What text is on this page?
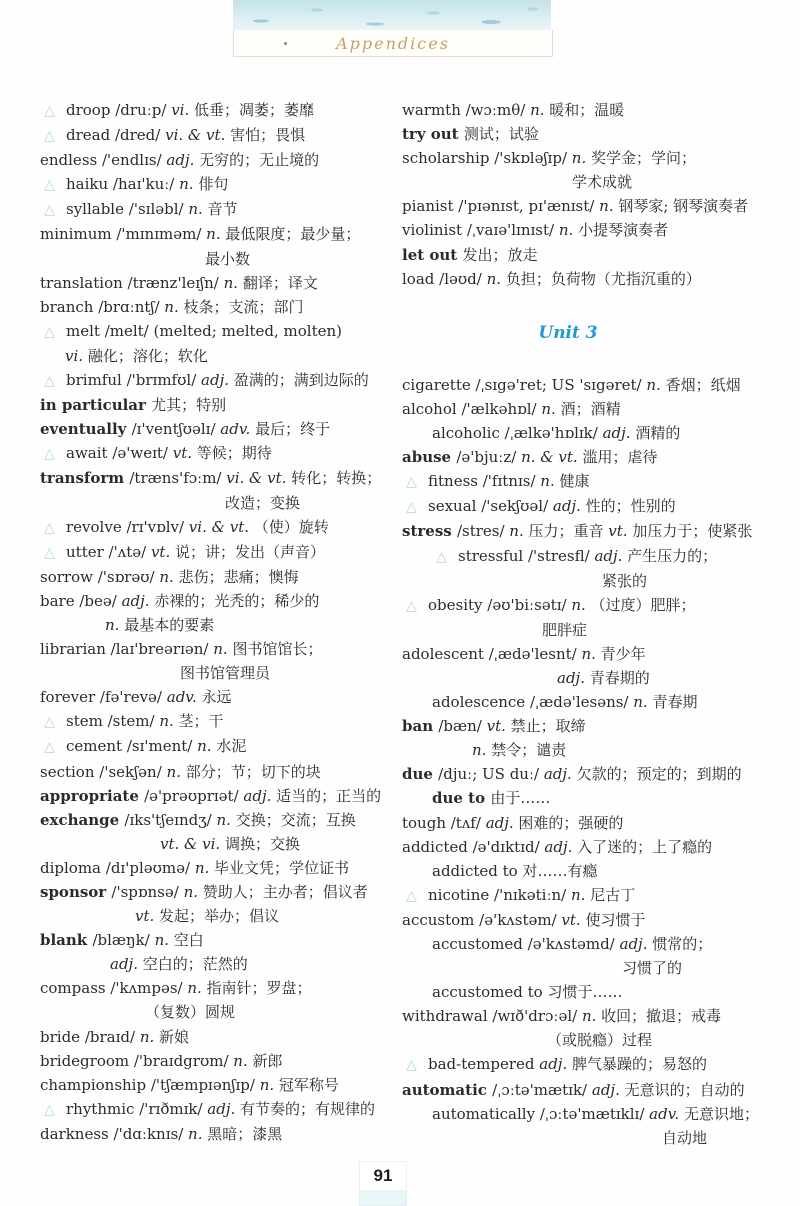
Appendices
△ droop /druːp/ vi. 低垂；凋萎；萎靡
△ dread /dred/ vi. & vt. 害怕；畏惧
endless /'endlɪs/ adj. 无穷的；无止境的
△ haiku /haɪ'kuː/ n. 俳句
△ syllable /'sɪləbl/ n. 音节
minimum /'mɪnɪməm/ n. 最低限度；最少量；
最小数
translation /trænz'leɪʃn/ n. 翻译；译文
branch /brɑːntʃ/ n. 枝条；支流；部门
△ melt /melt/ (melted; melted, molten)
vi. 融化；溶化；软化
△ brimful /'brɪmfʊl/ adj. 盈满的；满到边际的
in particular 尤其；特别
eventually /ɪ'ventʃʊəlɪ/ adv. 最后；终于
△ await /ə'weɪt/ vt. 等候；期待
transform /træns'fɔːm/ vi. & vt. 转化；转换；
改造；变换
△ revolve /rɪ'vɒlv/ vi. & vt. （使）旋转
△ utter /'ʌtə/ vt. 说；讲；发出（声音）
sorrow /'sɒrəʊ/ n. 悲伤；悲痛；懊悔
bare /beə/ adj. 赤裸的；光秃的；稀少的
n. 最基本的要素
librarian /laɪ'breərɪən/ n. 图书馆馆长；
图书馆管理员
forever /fə'revə/ adv. 永远
△ stem /stem/ n. 茎；干
△ cement /sɪ'ment/ n. 水泥
section /'sekʃən/ n. 部分；节；切下的块
appropriate /ə'prəʊprɪət/ adj. 适当的；正当的
exchange /ɪks'tʃeɪndʒ/ n. 交换；交流；互换
vt. & vi. 调换；交换
diploma /dɪ'pləʊmə/ n. 毕业文凭；学位证书
sponsor /'spɒnsə/ n. 赞助人；主办者；倡议者
vt. 发起；举办；倡议
blank /blæŋk/ n. 空白
adj. 空白的；茫然的
compass /'kʌmpəs/ n. 指南针；罗盘；
（复数）圆规
bride /braɪd/ n. 新娘
bridegroom /'braɪdgrʊm/ n. 新郎
championship /'tʃæmpɪənʃɪp/ n. 冠军称号
△ rhythmic /'rɪðmɪk/ adj. 有节奏的；有规律的
darkness /'dɑːknɪs/ n. 黑暗；漆黑
warmth /wɔːmθ/ n. 暖和；温暖
try out 测试；试验
scholarship /'skɒləʃɪp/ n. 奖学金；学问；
学术成就
pianist /'pɪənɪst, pɪ'ænɪst/ n. 钢琴家; 钢琴演奏者
violinist /ˌvaɪə'lɪnɪst/ n. 小提琴演奏者
let out 发出；放走
load /ləʊd/ n. 负担；负荷物（尤指沉重的）
Unit 3
cigarette /ˌsɪgə'ret; US 'sɪgəret/ n. 香烟；纸烟
alcohol /'ælkəhɒl/ n. 酒；酒精
alcoholic /ˌælkə'hɒlɪk/ adj. 酒精的
abuse /ə'bjuːz/ n. & vt. 滥用；虐待
△ fitness /'fɪtnɪs/ n. 健康
△ sexual /'sekʃʊəl/ adj. 性的；性别的
stress /stres/ n. 压力；重音 vt. 加压力于；使紧张
△ stressful /'stresfl/ adj. 产生压力的；
紧张的
△ obesity /əʊ'biːsətɪ/ n. （过度）肥胖；
肥胖症
adolescent /ˌædə'lesnt/ n. 青少年
adj. 青春期的
adolescence /ˌædə'lesəns/ n. 青春期
ban /bæn/ vt. 禁止；取缔
n. 禁令；谴责
due /djuː; US duː/ adj. 欠款的；预定的；到期的
due to 由于……
tough /tʌf/ adj. 困难的；强硬的
addicted /ə'dɪktɪd/ adj. 入了迷的；上了瘾的
addicted to 对……有瘾
△ nicotine /'nɪkətiːn/ n. 尼古丁
accustom /ə'kʌstəm/ vt. 使习惯于
accustomed /ə'kʌstəmd/ adj. 惯常的；
习惯了的
accustomed to 习惯于……
withdrawal /wɪð'drɔːəl/ n. 收回；撤退；戒毒
（或脱瘾）过程
△ bad-tempered adj. 脾气暴躁的；易怒的
automatic /ˌɔːtə'mætɪk/ adj. 无意识的；自动的
automatically /ˌɔːtə'mætɪklɪ/ adv. 无意识地；
自动地
91
